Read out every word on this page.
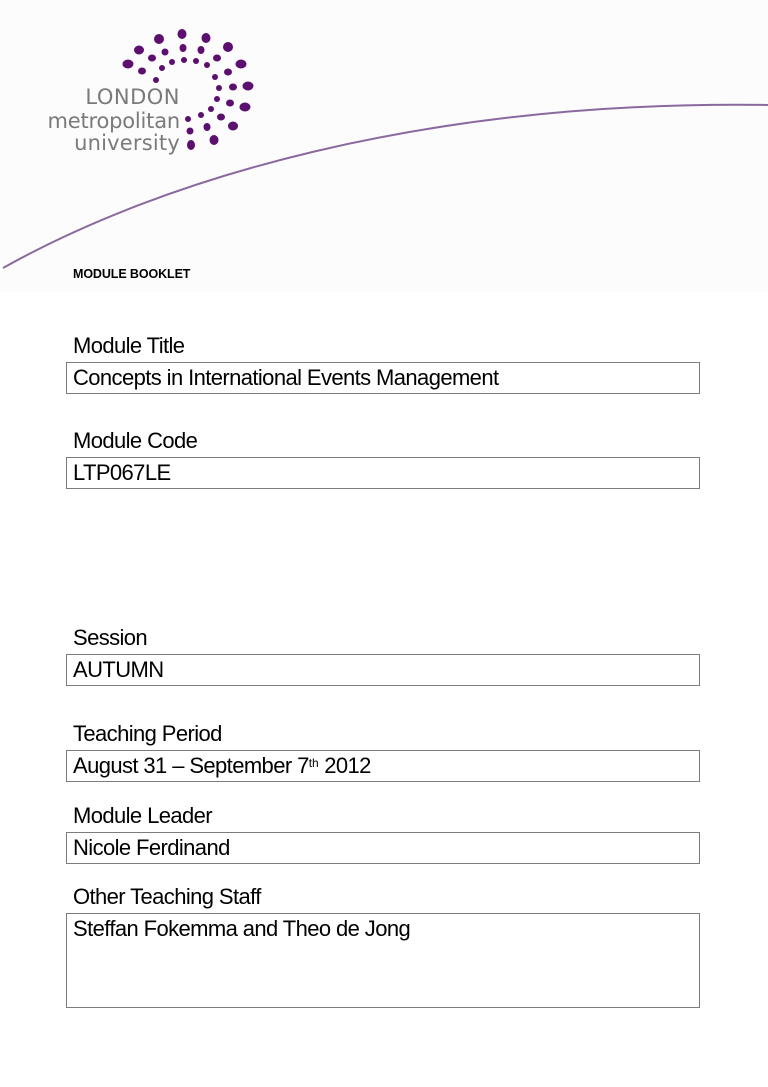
LONDON
metropolitan
university
MODULE BOOKLET
Module Title
Concepts in International Events Management
Module Code
LTP067LE
Session
AUTUMN
Teaching Period
August 31 – September 7th 2012
Module Leader
Nicole Ferdinand
Other Teaching Staff
Steffan Fokemma and Theo de Jong
